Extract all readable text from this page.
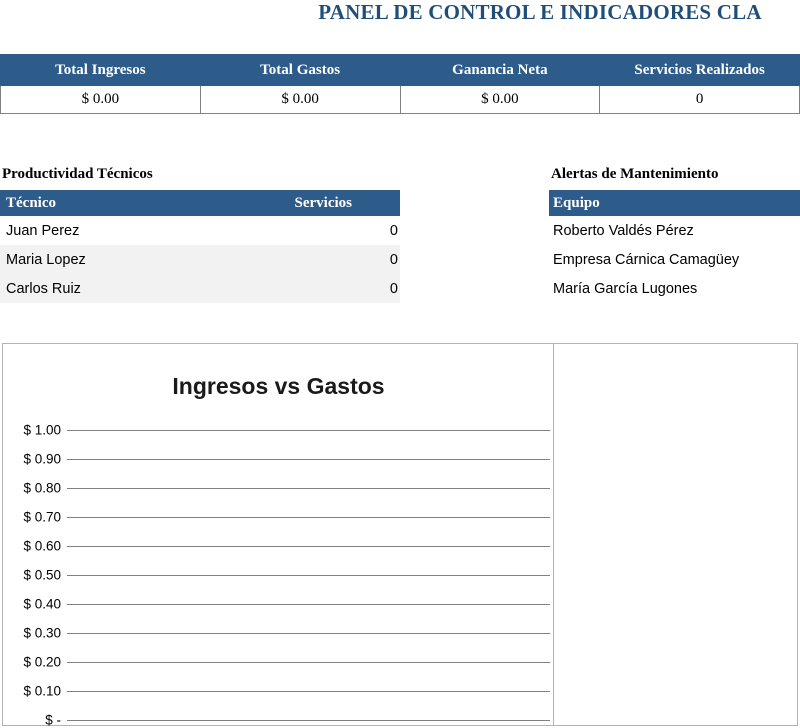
PANEL DE CONTROL E INDICADORES CLA
Total Ingresos	Total Gastos	Ganancia Neta	Servicios Realizados
$ 0.00	$ 0.00	$ 0.00	0
Productividad Técnicos
Técnico	Servicios
Juan Perez	0
Maria Lopez	0
Carlos Ruiz	0
Alertas de Mantenimiento
Equipo
Roberto Valdés Pérez
Empresa Cárnica Camagüey
María García Lugones
Ingresos vs Gastos
$ 1.00
$ 0.90
$ 0.80
$ 0.70
$ 0.60
$ 0.50
$ 0.40
$ 0.30
$ 0.20
$ 0.10
$ -
